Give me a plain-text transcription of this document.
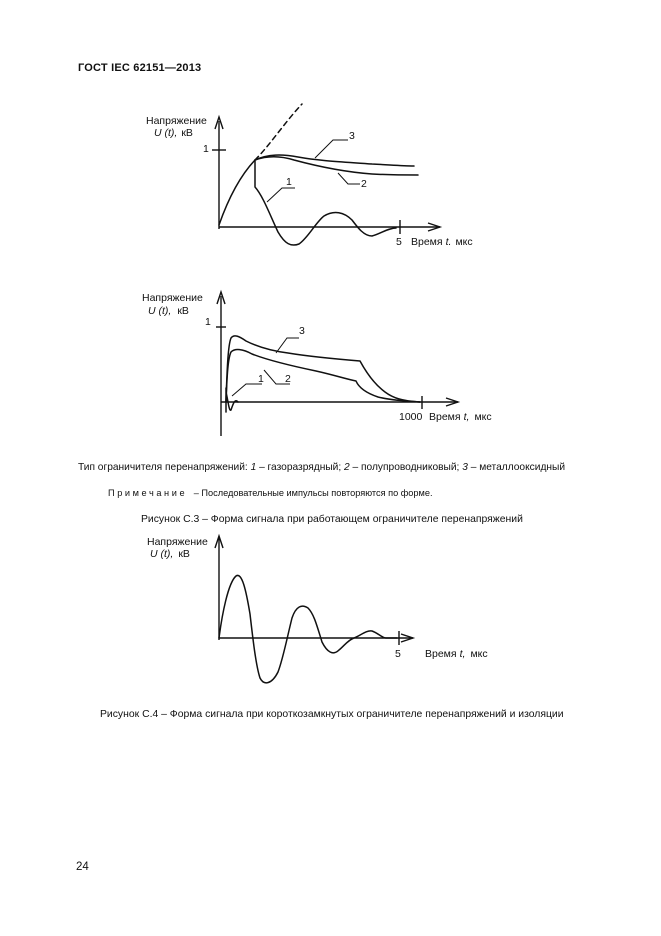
ГОСТ IEC 62151—2013
Напряжение
U (t), кВ
1
5 Время t. мкс
1	2
3
Напряжение
U (t), кВ
1
1000 Время t, мкс
1 2
3
Тип ограничителя перенапряжений: 1 – газоразрядный; 2 – полупроводниковый; 3 – металлооксидный
Примечание – Последовательные импульсы повторяются по форме.
Рисунок С.3 – Форма сигнала при работающем ограничителе перенапряжений
Напряжение
U (t), кВ
5 Время t, мкс
Рисунок С.4 – Форма сигнала при короткозамкнутых ограничителе перенапряжений и изоляции
24
